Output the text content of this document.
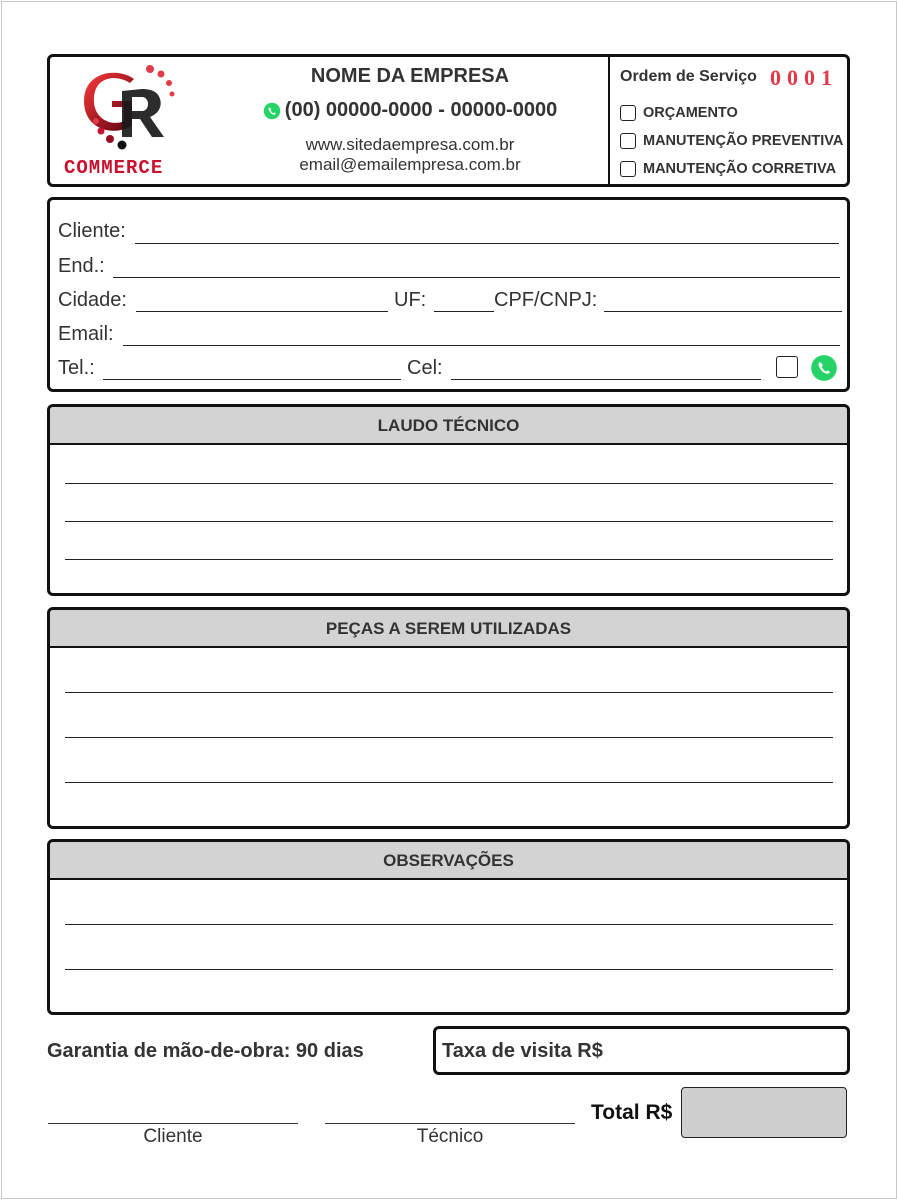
COMMERCE
NOME DA EMPRESA
(00) 00000-0000 - 00000-0000
www.sitedaempresa.com.br
email@emailempresa.com.br
Ordem de Serviço 0001
ORÇAMENTO
MANUTENÇÃO PREVENTIVA
MANUTENÇÃO CORRETIVA
Cliente:
End.:
Cidade:	UF:	CPF/CNPJ:
Email:
Tel.:	Cel:
LAUDO TÉCNICO
PEÇAS A SEREM UTILIZADAS
OBSERVAÇÕES
Garantia de mão-de-obra: 90 dias	Taxa de visita R$
Cliente	Técnico
Total R$
